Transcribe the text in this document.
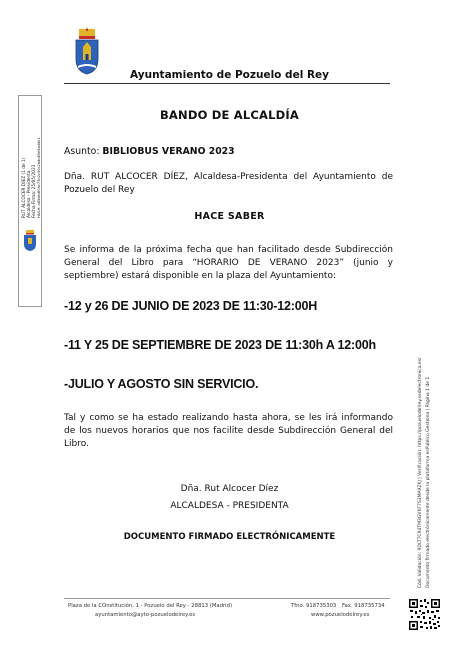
Ayuntamiento de Pozuelo del Rey
RUT ALCOCER DIEZ (1 de 1) Alcaldesa - Presidenta Fecha Firma: 25/05/2023 HASH: a85de4f0bc73b2c90c2adc48e5ad4e1
BANDO DE ALCALDÍA
Asunto: BIBLIOBUS VERANO 2023
Dña. RUT ALCOCER DÍEZ, Alcaldesa-Presidenta del Ayuntamiento de Pozuelo del Rey
HACE SABER
Se informa de la próxima fecha que han facilitado desde Subdirección General del Libro para “HORARIO DE VERANO 2023” (junio y septiembre) estará disponible en la plaza del Ayuntamiento:
-12 y 26 DE JUNIO DE 2023 DE 11:30-12:00H
-11 Y 25 DE SEPTIEMBRE DE 2023 DE 11:30h A 12:00h
-JULIO Y AGOSTO SIN SERVICIO.
Tal y como se ha estado realizando hasta ahora, se les irá informando de los nuevos horarios que nos facilite desde Subdirección General del Libro.
Dña. Rut Alcocer Díez
ALCALDESA - PRESIDENTA
DOCUMENTO FIRMADO ELECTRÓNICAMENTE	Cód. Validación: 9DLT7CX4TM3GVKF7S3MA9ZKJ | Verificación: https://pozuelodelrey.sedelectronica.es/ Documento firmado electrónicamente desde la plataforma esPublico Gestiona | Página 1 de 1
Plaza de la COnstitución, 1 - Pozuelo del Rey - 28813 (Madrid)
ayuntamiento@ayto-pozuelodelrey.es
Tfno. 918735303 Fax. 918735734
www.pozuelodelrey.es
